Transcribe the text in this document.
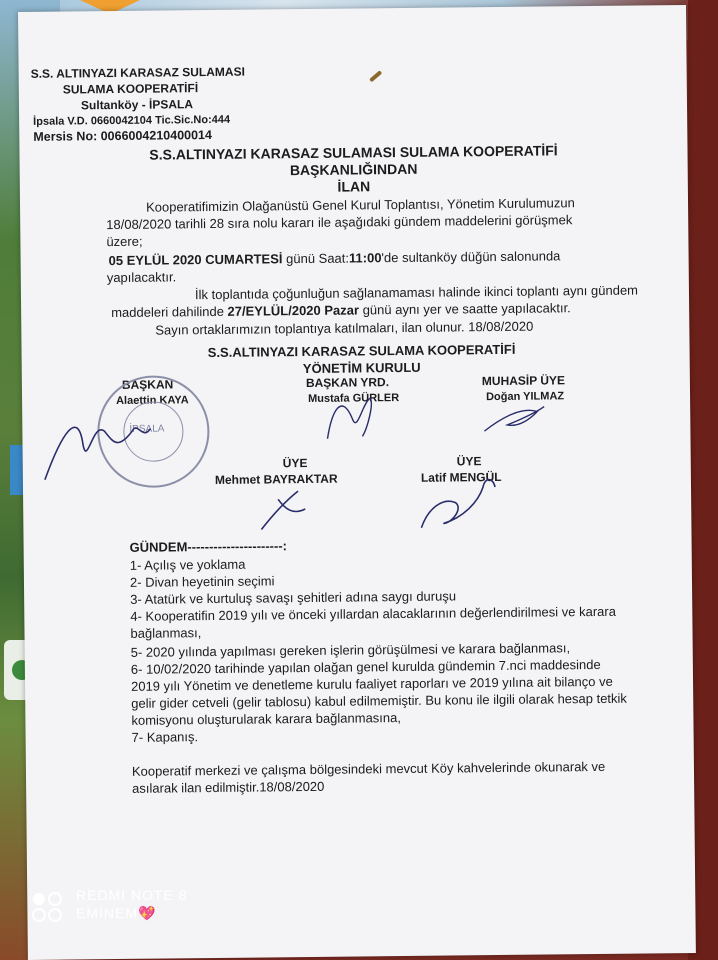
S.S. ALTINYAZI KARASAZ SULAMASI
SULAMA KOOPERATİFİ
Sultanköy - İPSALA
İpsala V.D. 0660042104 Tic.Sic.No:444
Mersis No: 0066004210400014
S.S.ALTINYAZI KARASAZ SULAMASI SULAMA KOOPERATİFİ
BAŞKANLIĞINDAN
İLAN
Kooperatifimizin Olağanüstü Genel Kurul Toplantısı, Yönetim Kurulumuzun
18/08/2020 tarihli 28 sıra nolu kararı ile aşağıdaki gündem maddelerini görüşmek
üzere;
05 EYLÜL 2020 CUMARTESİ günü Saat:11:00'de sultanköy düğün salonunda
yapılacaktır.
İlk toplantıda çoğunluğun sağlanamaması halinde ikinci toplantı aynı gündem
maddeleri dahilinde 27/EYLÜL/2020 Pazar günü aynı yer ve saatte yapılacaktır.
Sayın ortaklarımızın toplantıya katılmaları, ilan olunur. 18/08/2020
S.S.ALTINYAZI KARASAZ SULAMA KOOPERATİFİ
YÖNETİM KURULU
BAŞKAN
Alaettin KAYA
BAŞKAN YRD.
Mustafa GÜRLER
MUHASİP ÜYE
Doğan YILMAZ
ÜYE
Mehmet BAYRAKTAR
ÜYE
Latif MENGÜL
İPSALA
GÜNDEM----------------------:
1- Açılış ve yoklama
2- Divan heyetinin seçimi
3- Atatürk ve kurtuluş savaşı şehitleri adına saygı duruşu
4- Kooperatifin 2019 yılı ve önceki yıllardan alacaklarının değerlendirilmesi ve karara
bağlanması,
5- 2020 yılında yapılması gereken işlerin görüşülmesi ve karara bağlanması,
6- 10/02/2020 tarihinde yapılan olağan genel kurulda gündemin 7.nci maddesinde
2019 yılı Yönetim ve denetleme kurulu faaliyet raporları ve 2019 yılına ait bilanço ve
gelir gider cetveli (gelir tablosu) kabul edilmemiştir. Bu konu ile ilgili olarak hesap tetkik
komisyonu oluşturularak karara bağlanmasına,
7- Kapanış.
Kooperatif merkezi ve çalışma bölgesindeki mevcut Köy kahvelerinde okunarak ve
asılarak ilan edilmiştir.18/08/2020
REDMI NOTE 8
EMİNEM💖
